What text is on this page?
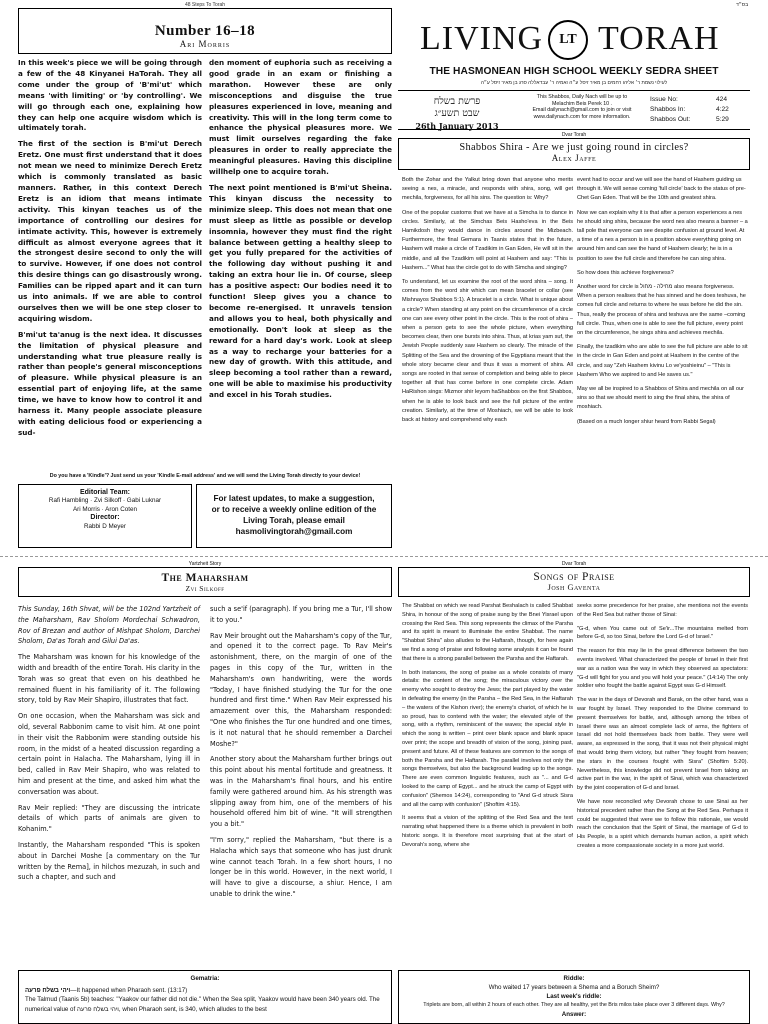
48 Steps To Torah
Number 16–18
Ari Morris

In this week's piece we will be going through a few of the 48 Kinyanei HaTorah. They all come under the group of 'B'mi'ut' which means 'with limiting' or 'by controlling'. We will go through each one, explaining how they can help one acquire wisdom which is ultimately torah.

The first of the section is B'mi'ut Derech Eretz. One must first understand that it does not mean we need to minimize Derech Eretz which is commonly translated as basic manners. Rather, in this context Derech Eretz is an idiom that means intimate activity. This kinyan teaches us of the importance of controlling our desires for intimate activity. This, however is extremely difficult as almost everyone agrees that it the strongest desire second to only the will to survive. However, if one does not control this desire things can go disastrously wrong. Families can be ripped apart and it can turn us into animals. If we are able to control ourselves then we will be one step closer to acquiring wisdom.

B'mi'ut ta'anug is the next idea. It discusses the limitation of physical pleasure and understanding what true pleasure really is rather than people's general misconceptions of pleasure. While physical pleasure is an essential part of enjoying life, at the same time, we have to know how to control it and harness it. Many people associate pleasure with eating delicious food or experiencing a sud-

den moment of euphoria such as receiving a good grade in an exam or finishing a marathon. However these are only misconceptions and disguise the true pleasures experienced in love, meaning and creativity. This will in the long term come to enhance the physical pleasures more. We must limit ourselves regarding the fake pleasures in order to really appreciate the meaningful pleasures. Having this discipline willhelp one to acquire torah.

The next point mentioned is B'mi'ut Sheina. This kinyan discuss the necessity to minimize sleep. This does not mean that one must sleep as little as possible or develop insomnia, however they must find the right balance between getting a healthy sleep to get you fully prepared for the activities of the following day without pushing it and taking an extra hour lie in. Of course, sleep has a positive aspect: Our bodies need it to function! Sleep gives you a chance to become re-energised. It unravels tension and allows you to heal, both physically and emotionally. Don't look at sleep as the reward for a hard day's work. Look at sleep as a way to recharge your batteries for a new day of growth. With this attitude, and sleep becoming a tool rather than a reward, one will be able to maximise his productivity and excel in his Torah studies.

Do you have a 'Kindle'? Just send us your 'Kindle E-mail address' and we will send the Living Torah directly to your device!
Editorial Team:
Rafi Hambling · Zvi Silkoff · Gabi Luknar
Ari Morris · Aron Coten
Director:
Rabbi D Meyer
For latest updates, to make a suggestion,
or to receive a weekly online edition of the
Living Torah, please email
hasmolivingtorah@gmail.com
בס״ד
LIVING	LT TORAH
THE HASMONEAN HIGH SCHOOL WEEKLY SEDRA SHEET
לעילוי נשמת ר׳ אליהו רחמים בן מאיר זיסל ע״ה ואמיה ר׳ עבדאללה סרג בן מאיר זיסל ע״ה
פרשת בשלח
שבט תשע״ג
26th January 2013
This Shabbos, Daily Nach will be up to
Melachim Beis Perek 10 .
Email dailynach@gmail.com to join or visit
www.dailynach.com for more information.
Issue No:	424
Shabbos In:	4:22
Shabbos Out:	5:29
Dvar Torah
Shabbos Shira - Are we just going round in circles?
Alex Jaffe

Both the Zohar and the Yalkut bring down that anyone who merits seeing a nes, a miracle, and responds with shira, song, will get mechila, forgiveness, for all his sins. The question is: Why?

One of the popular customs that we have at a Simcha is to dance in circles. Similarly, at the Simchas Beis Hasho'eva in the Beis Hamikdosh they would dance in circles around the Mizbeach. Furthermore, the final Gemara in Taanis states that in the future, Hashem will make a circle of Tzadikim in Gan Eden, He will sit in the middle, and all the Tzadikim will point at Hashem and say: "This is Hashem..." What has the circle got to do with Simcha and singing?

To understand, let us examine the root of the word shira – song. It comes from the word shir which can mean bracelet or collar (see Mishnayos Shabbos 5:1). A bracelet is a circle. What is unique about a circle? When standing at any point on the circumference of a circle one can see every other point in the circle. This is the root of shira – when a person gets to see the whole picture, when everything becomes clear, then one bursts into shira. Thus, at krias yam suf, the Jewish People suddenly saw Hashem so clearly. The miracle of the Splitting of the Sea and the drowning of the Egyptians meant that the whole story became clear and thus it was a moment of shira. All songs are rooted in that sense of completion and being able to piece together all that has come before in one complete circle. Adam HaRishon sings: Mizmor shir leyom haShabbos on the first Shabbos, when he is able to look back and see the full picture of the entire creation. Similarly, at the time of Moshiach, we will be able to look back at history and comprehend why each

event had to occur and we will see the hand of Hashem guiding us through it. We will sense coming 'full circle' back to the status of pre-Chet Gan Eden. That will be the 10th and greatest shira.

Now we can explain why it is that after a person experiences a nes he should sing shira, because the word nes also means a banner – a tall pole that everyone can see despite confusion at ground level. At a time of a nes a person is in a position above everything going on around him and can see the hand of Hashem clearly; he is in a position to see the full circle and therefore he can sing shira.

So how does this achieve forgiveness?

Another word for circle is מחילה - מחול also means forgiveness. When a person realises that he has sinned and he does teshuva, he comes full circle and returns to where he was before he did the sin. Thus, really the process of shira and teshuva are the same –coming full circle. Thus, when one is able to see the full picture, every point on the circumference, he sings shira and achieves mechila.

Finally, the tzadikim who are able to see the full picture are able to sit in the circle in Gan Eden and point at Hashem in the centre of the circle, and say "Zeh Hashem kivinu Lo ve'yoshieinu" – "This is Hashem Who we aspired to and He saves us."

May we all be inspired to a Shabbos of Shira and mechila on all our sins so that we should merit to sing the final shira, the shira of moshiach.

(Based on a much longer shiur heard from Rabbi Segal)

Yartzheit Story
The Maharsham
Zvi Silkoff

This Sunday, 16th Shvat, will be the 102nd Yartzheit of the Maharsham, Rav Sholom Mordechai Schwadron, Rov of Brezan and author of Mishpat Sholom, Darchei Sholom, Da'as Torah and Gilui Da'as.

The Maharsham was known for his knowledge of the width and breadth of the entire Torah. His clarity in the Torah was so great that even on his deathbed he remained fluent in his familiarity of it. The following story, told by Rav Meir Shapiro, illustrates that fact.

On one occasion, when the Maharsham was sick and old, several Rabbonim came to visit him. At one point in their visit the Rabbonim were standing outside his room, in the midst of a heated discussion regarding a certain point in Halacha. The Maharsham, lying ill in bed, called in Rav Meir Shapiro, who was related to him and present at the time, and asked him what the conversation was about.

Rav Meir replied: "They are discussing the intricate details of which parts of animals are given to Kohanim."

Instantly, the Maharsham responded "This is spoken about in Darchei Moshe [a commentary on the Tur written by the Rema], in hilchos mezuzah, in such and such a chapter, and such and

such a se'if (paragraph). If you bring me a Tur, I'll show it to you."

Rav Meir brought out the Maharsham's copy of the Tur, and opened it to the correct page. To Rav Meir's astonishment, there, on the margin of one of the pages in this copy of the Tur, written in the Maharsham's own handwriting, were the words "Today, I have finished studying the Tur for the one hundred and first time." When Rav Meir expressed his amazement over this, the Maharsham responded: "One who finishes the Tur one hundred and one times, is it not natural that he should remember a Darchei Moshe?"

Another story about the Maharsham further brings out this point about his mental fortitude and greatness. It was in the Maharsham's final hours, and his entire family were gathered around him. As his strength was slipping away from him, one of the members of his household offered him bit of wine. "It will strengthen you a bit."

"I'm sorry," replied the Maharsham, "but there is a Halacha which says that someone who has just drunk wine cannot teach Torah. In a few short hours, I no longer be in this world. However, in the next world, I will have to give a discourse, a shiur. Hence, I am unable to drink the wine."

Dvar Torah
Songs of Praise
Josh Gaventa

The Shabbat on which we read Parshat Beshalach is called Shabbat Shira, in honour of the song of praise sung by the Bnei Yisrael upon crossing the Red Sea. This song represents the climax of the Parsha and its spirit is meant to illuminate the entire Shabbat. The name "Shabbat Shira" also alludes to the Haftarah, though, for here again we find a song of praise and following some analysis it can be found that there is a strong parallel between the Parsha and the Haftarah.

In both instances, the song of praise as a whole consists of many details: the content of the song; the miraculous victory over the enemy who sought to destroy the Jews; the part played by the water in defeating the enemy (in the Parsha – the Red Sea, in the Haftarah – the waters of the Kishon river); the enemy's chariot, of which he is so proud, has to contend with the water; the elevated style of the song, with a rhythm, reminiscent of the waves; the special style in which the song is written – print over blank space and blank space over print; the scope and breadth of vision of the song, joining past, present and future. All of these features are common to the songs of both the Parsha and the Haftarah. The parallel involves not only the songs themselves, but also the background leading up to the songs. There are even common linguistic features, such as "... and G-d looked to the camp of Egypt... and he struck the camp of Egypt with confusion" (Shemos 14:24), corresponding to "And G-d struck Sisra and all the camp with confusion" (Shoftim 4:15).

It seems that a vision of the splitting of the Red Sea and the text narrating what happened there is a theme which is prevalent in both historic songs. It is therefore most surprising that at the start of Devorah's song, where she

seeks some precedence for her praise, she mentions not the events of the Red Sea but rather those of Sinai:

"G-d, when You came out of Se'ir...The mountains melted from before G-d, so too Sinai, before the Lord G-d of Israel."

The reason for this may lie in the great difference between the two events involved. What characterized the people of Israel in their first war as a nation was the way in which they observed as spectators: "G-d will fight for you and you will hold your peace." (14:14) The only soldier who fought the battle against Egypt was G-d Himself.

The war in the days of Devorah and Barak, on the other hand, was a war fought by Israel. They responded to the Divine command to present themselves for battle, and, although among the tribes of Israel there was an almost complete lack of arms, the fighters of Israel did not hold themselves back from battle. They were well aware, as expressed in the song, that it was not their physical might that would bring them victory, but rather "they fought from heaven; the stars in the courses fought with Sisra" (Shoftim 5:20). Nevertheless, this knowledge did not prevent Israel from taking an active part in the war, in the spirit of Sinai, which was characterized by the joint cooperation of G-d and Israel.

We have now reconciled why Devorah chose to use Sinai as her historical precedent rather than the Song at the Red Sea. Perhaps it could be suggested that were we to follow this rationale, we would reach the conclusion that the Spirit of Sinai, the marriage of G-d to His People, is a spirit which demands human action, a spirit which creates a more compassionate society in a more just world.

Gematria:
ויהי בשלח פרעה—It happened when Pharaoh sent. (13:17)
The Talmud (Taanis 5b) teaches: "Yaakov our father did not die." When the Sea split, Yaakov would have been 340 years old. The numerical value of ויהי בשלח פרעה, when Pharaoh sent, is 340, which alludes to the best
Riddle:
Who waited 17 years between a Shema and a Boruch Sheim?
Last week's riddle:
Triplets are born, all within 2 hours of each other. They are all healthy, yet the Bris milos take place over 3 different days. Why?
Answer:
